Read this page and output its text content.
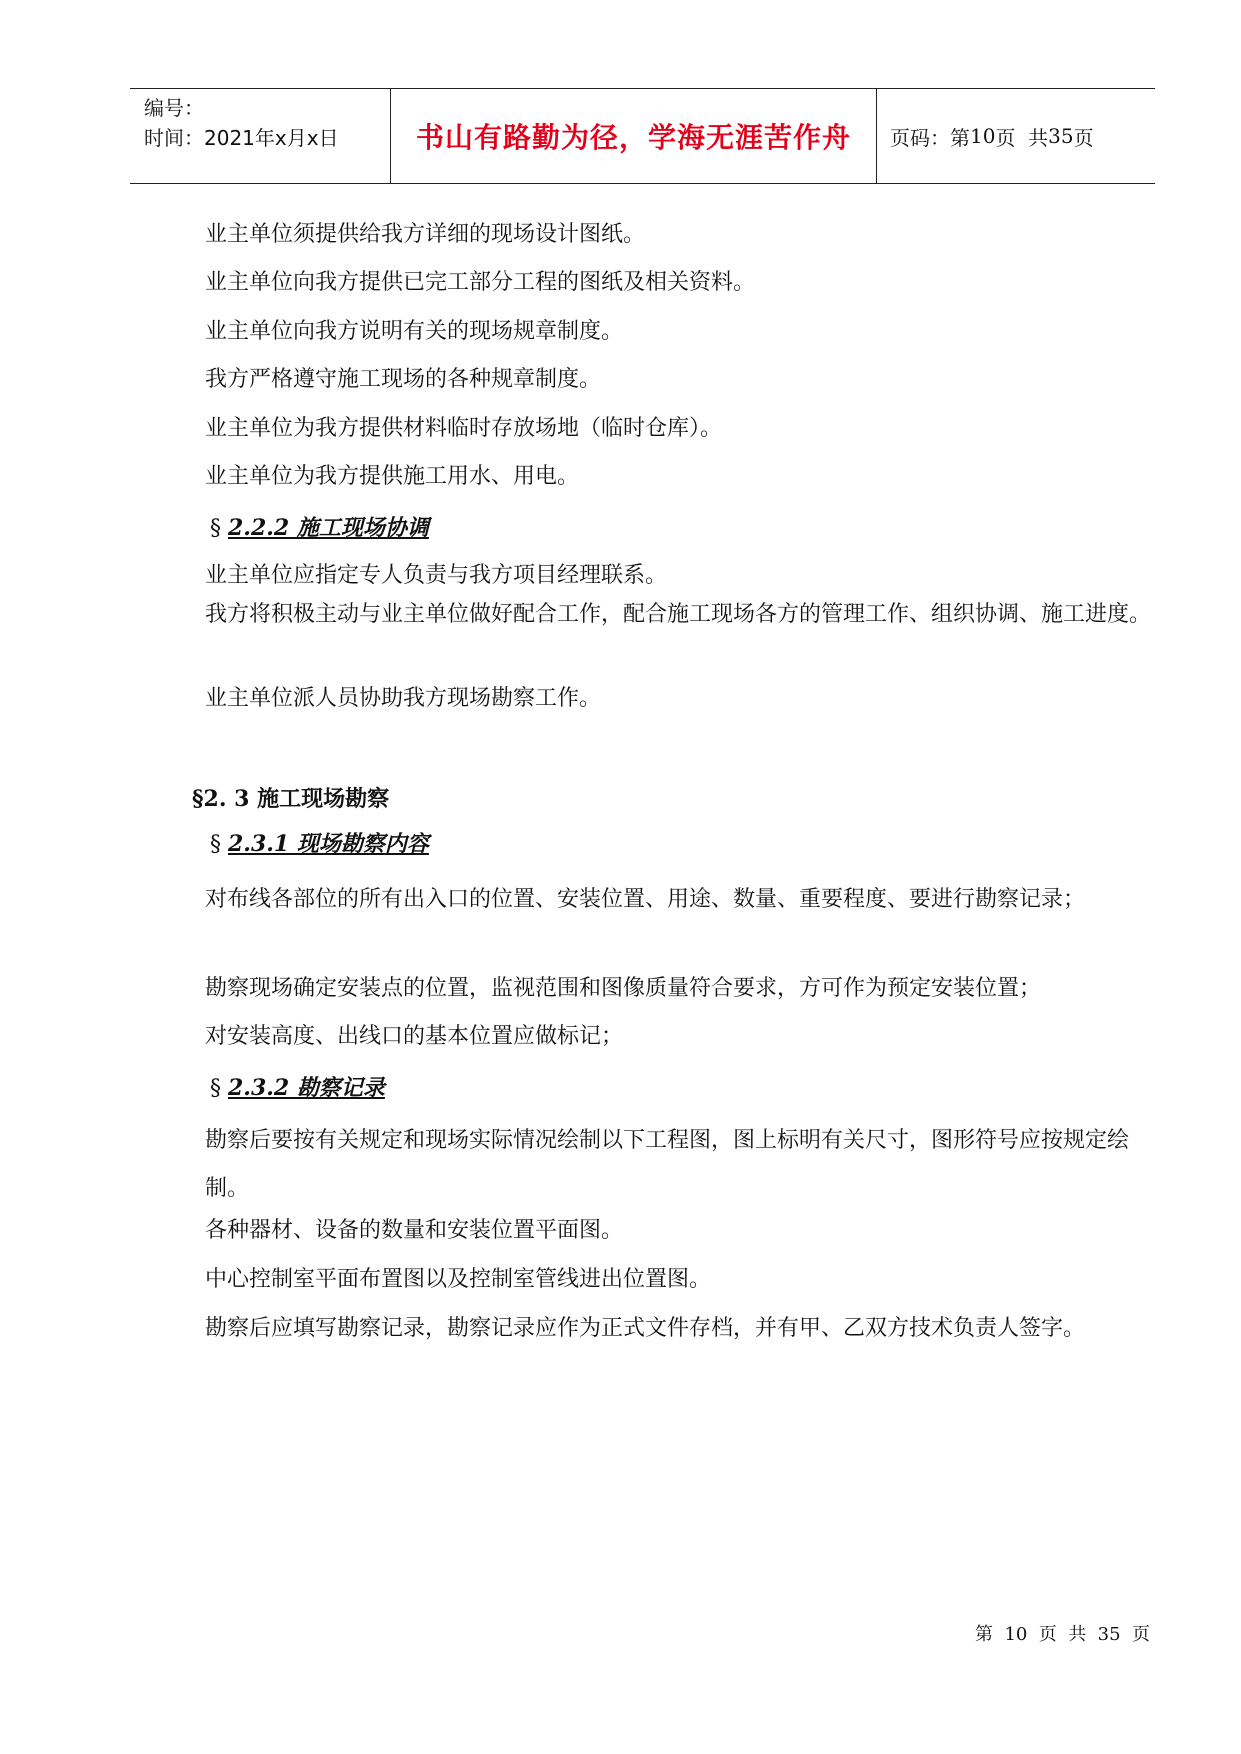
编号：
时间：2021年x月x日	书山有路勤为径，学海无涯苦作舟	页码：第 10 页  共 35 页
业主单位须提供给我方详细的现场设计图纸。
业主单位向我方提供已完工部分工程的图纸及相关资料。
业主单位向我方说明有关的现场规章制度。
我方严格遵守施工现场的各种规章制度。
业主单位为我方提供材料临时存放场地（临时仓库）。
业主单位为我方提供施工用水、用电。
§ 2.2.2 施工现场协调
业主单位应指定专人负责与我方项目经理联系。
我方将积极主动与业主单位做好配合工作，配合施工现场各方的管理工作、组织协调、施工进度。
业主单位派人员协助我方现场勘察工作。
§2. 3 施工现场勘察
§ 2.3.1 现场勘察内容
对布线各部位的所有出入口的位置、安装位置、用途、数量、重要程度、要进行勘察记录；
勘察现场确定安装点的位置，监视范围和图像质量符合要求，方可作为预定安装位置；
对安装高度、出线口的基本位置应做标记；
§ 2.3.2 勘察记录
勘察后要按有关规定和现场实际情况绘制以下工程图，图上标明有关尺寸，图形符号应按规定绘制。
各种器材、设备的数量和安装位置平面图。
中心控制室平面布置图以及控制室管线进出位置图。
勘察后应填写勘察记录，勘察记录应作为正式文件存档，并有甲、乙双方技术负责人签字。
第  10  页  共  35  页
